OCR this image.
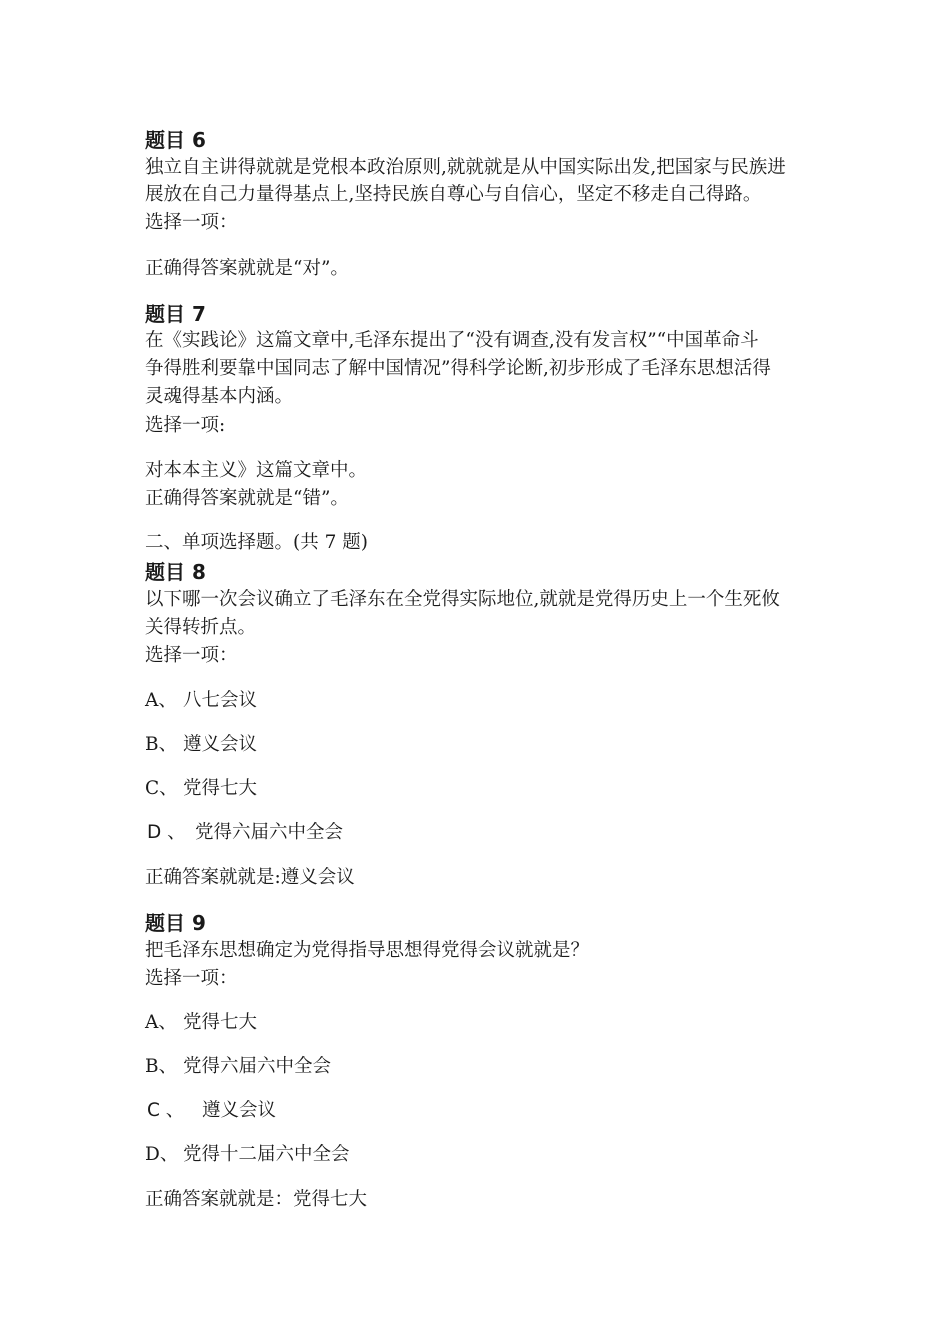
题目 6
独立自主讲得就就是党根本政治原则,就就就是从中国实际出发,把国家与民族进
展放在自己力量得基点上,坚持民族自尊心与自信心，坚定不移走自己得路。
选择一项：
正确得答案就就是“对”。
题目 7
在《实践论》这篇文章中,毛泽东提出了“没有调查,没有发言权”“中国革命斗
争得胜利要靠中国同志了解中国情况”得科学论断,初步形成了毛泽东思想活得
灵魂得基本内涵。
选择一项:
对本本主义》这篇文章中。
正确得答案就就是“错”。
二、单项选择题。(共 7 题)
题目 8
以下哪一次会议确立了毛泽东在全党得实际地位,就就是党得历史上一个生死攸
关得转折点。
选择一项：
A、 八七会议
B、 遵义会议
C、 党得七大
D 、 党得六届六中全会
正确答案就就是:遵义会议
题目 9
把毛泽东思想确定为党得指导思想得党得会议就就是？
选择一项：
A、 党得七大
B、 党得六届六中全会
C 、 遵义会议
D、 党得十二届六中全会
正确答案就就是：党得七大
